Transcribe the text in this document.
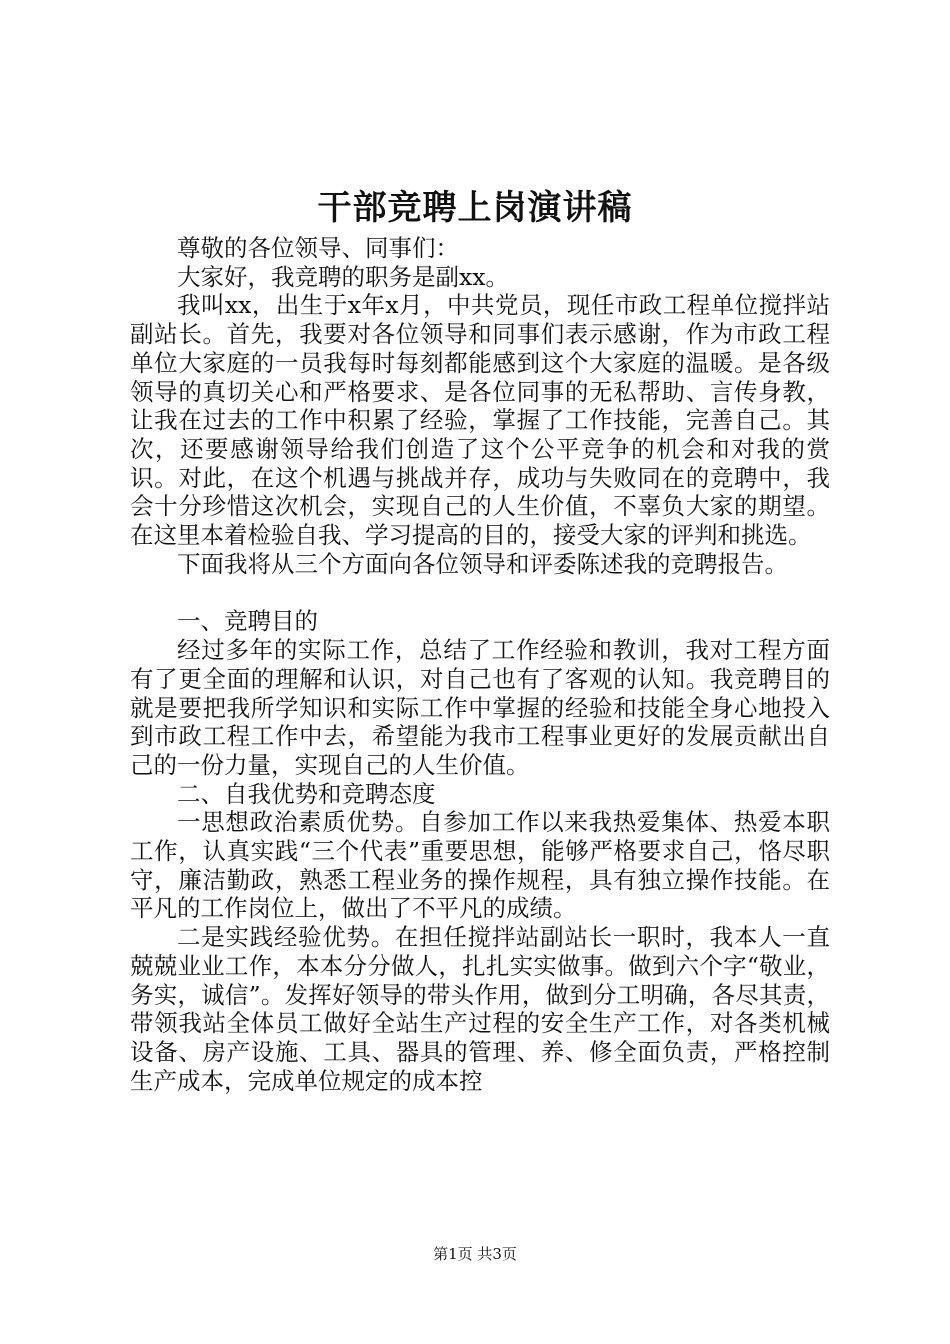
干部竞聘上岗演讲稿

尊敬的各位领导、同事们：

大家好，我竞聘的职务是副xx。

我叫xx，出生于x年x月，中共党员，现任市政工程单位搅拌站副站长。首先，我要对各位领导和同事们表示感谢，作为市政工程单位大家庭的一员我每时每刻都能感到这个大家庭的温暖。是各级领导的真切关心和严格要求、是各位同事的无私帮助、言传身教，让我在过去的工作中积累了经验，掌握了工作技能，完善自己。其次，还要感谢领导给我们创造了这个公平竞争的机会和对我的赏识。对此，在这个机遇与挑战并存，成功与失败同在的竞聘中，我会十分珍惜这次机会，实现自己的人生价值，不辜负大家的期望。在这里本着检验自我、学习提高的目的，接受大家的评判和挑选。

下面我将从三个方面向各位领导和评委陈述我的竞聘报告。

一、竞聘目的

经过多年的实际工作，总结了工作经验和教训，我对工程方面有了更全面的理解和认识，对自己也有了客观的认知。我竞聘目的就是要把我所学知识和实际工作中掌握的经验和技能全身心地投入到市政工程工作中去，希望能为我市工程事业更好的发展贡献出自己的一份力量，实现自己的人生价值。

二、自我优势和竞聘态度

一思想政治素质优势。自参加工作以来我热爱集体、热爱本职工作，认真实践“三个代表”重要思想，能够严格要求自己，恪尽职守，廉洁勤政，熟悉工程业务的操作规程，具有独立操作技能。在平凡的工作岗位上，做出了不平凡的成绩。

二是实践经验优势。在担任搅拌站副站长一职时，我本人一直兢兢业业工作，本本分分做人，扎扎实实做事。做到六个字“敬业，务实，诚信”。发挥好领导的带头作用，做到分工明确，各尽其责，带领我站全体员工做好全站生产过程的安全生产工作，对各类机械设备、房产设施、工具、器具的管理、养、修全面负责，严格控制生产成本，完成单位规定的成本控

第1页 共3页
